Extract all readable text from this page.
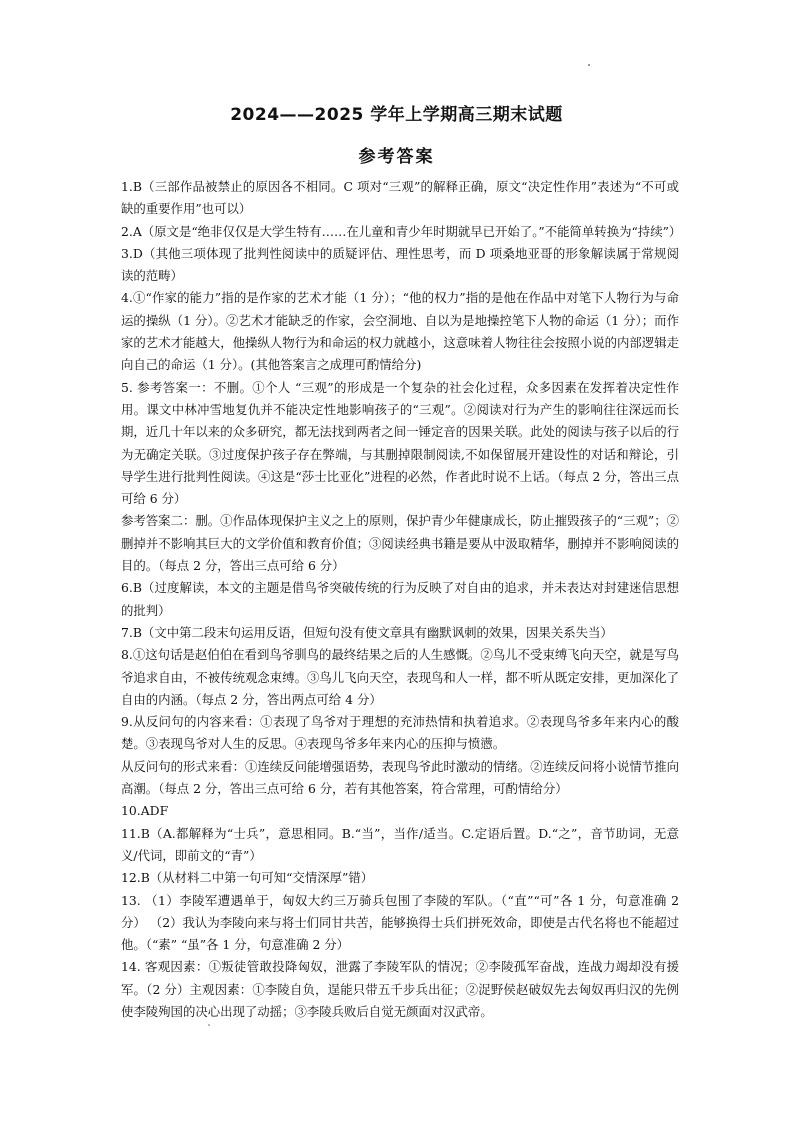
2024——2025 学年上学期高三期末试题
参考答案

1.B（三部作品被禁止的原因各不相同。C 项对“三观”的解释正确，原文“决定性作用”表述为“不可或缺的重要作用”也可以）

2.A（原文是“绝非仅仅是大学生特有……在儿童和青少年时期就早已开始了。”不能简单转换为“持续”）

3.D（其他三项体现了批判性阅读中的质疑评估、理性思考，而 D 项桑地亚哥的形象解读属于常规阅读的范畴）

4.①“作家的能力”指的是作家的艺术才能（1 分）；“他的权力”指的是他在作品中对笔下人物行为与命运的操纵（1 分）。②艺术才能缺乏的作家，会空洞地、自以为是地操控笔下人物的命运（1 分）；而作家的艺术才能越大，他操纵人物行为和命运的权力就越小，这意味着人物往往会按照小说的内部逻辑走向自己的命运（1 分）。(其他答案言之成理可酌情给分)

5. 参考答案一：不删。①个人 “三观”的形成是一个复杂的社会化过程，众多因素在发挥着决定性作用。课文中林冲雪地复仇并不能决定性地影响孩子的“三观”。②阅读对行为产生的影响往往深远而长期，近几十年以来的众多研究，都无法找到两者之间一锤定音的因果关联。此处的阅读与孩子以后的行为无确定关联。③过度保护孩子存在弊端，与其删掉限制阅读,不如保留展开建设性的对话和辩论，引导学生进行批判性阅读。④这是“莎士比亚化”进程的必然，作者此时说不上话。（每点 2 分，答出三点可给 6 分）

参考答案二：删。①作品体现保护主义之上的原则，保护青少年健康成长，防止摧毁孩子的“三观”；②删掉并不影响其巨大的文学价值和教育价值；③阅读经典书籍是要从中汲取精华，删掉并不影响阅读的目的。（每点 2 分，答出三点可给 6 分）

6.B（过度解读，本文的主题是借鸟爷突破传统的行为反映了对自由的追求，并未表达对封建迷信思想的批判）

7.B（文中第二段末句运用反语，但短句没有使文章具有幽默讽刺的效果，因果关系失当）

8.①这句话是赵伯伯在看到鸟爷驯鸟的最终结果之后的人生感慨。②鸟儿不受束缚飞向天空，就是写鸟爷追求自由，不被传统观念束缚。③鸟儿飞向天空，表现鸟和人一样，都不听从既定安排，更加深化了自由的内涵。（每点 2 分，答出两点可给 4 分）

9.从反问句的内容来看：①表现了鸟爷对于理想的充沛热情和执着追求。②表现鸟爷多年来内心的酸楚。③表现鸟爷对人生的反思。④表现鸟爷多年来内心的压抑与愤懑。

从反问句的形式来看：①连续反问能增强语势，表现鸟爷此时激动的情绪。②连续反问将小说情节推向高潮。（每点 2 分，答出三点可给 6 分，若有其他答案，符合常理，可酌情给分）

10.ADF

11.B（A.都解释为“士兵”，意思相同。B.“当”，当作/适当。C.定语后置。D.“之”，音节助词，无意义/代词，即前文的“青”）

12.B（从材料二中第一句可知“交情深厚”错）

13. （1）李陵军遭遇单于，匈奴大约三万骑兵包围了李陵的军队。（“直”“可”各 1 分，句意准确 2 分） （2）我认为李陵向来与将士们同甘共苦，能够换得士兵们拼死效命，即使是古代名将也不能超过他。（“素” “虽”各 1 分，句意准确 2 分）

14. 客观因素：①叛徒管敢投降匈奴，泄露了李陵军队的情况；②李陵孤军奋战，连战力竭却没有援军。（2 分）主观因素：①李陵自负，逞能只带五千步兵出征；②浞野侯赵破奴先去匈奴再归汉的先例使李陵殉国的决心出现了动摇；③李陵兵败后自觉无颜面对汉武帝。
